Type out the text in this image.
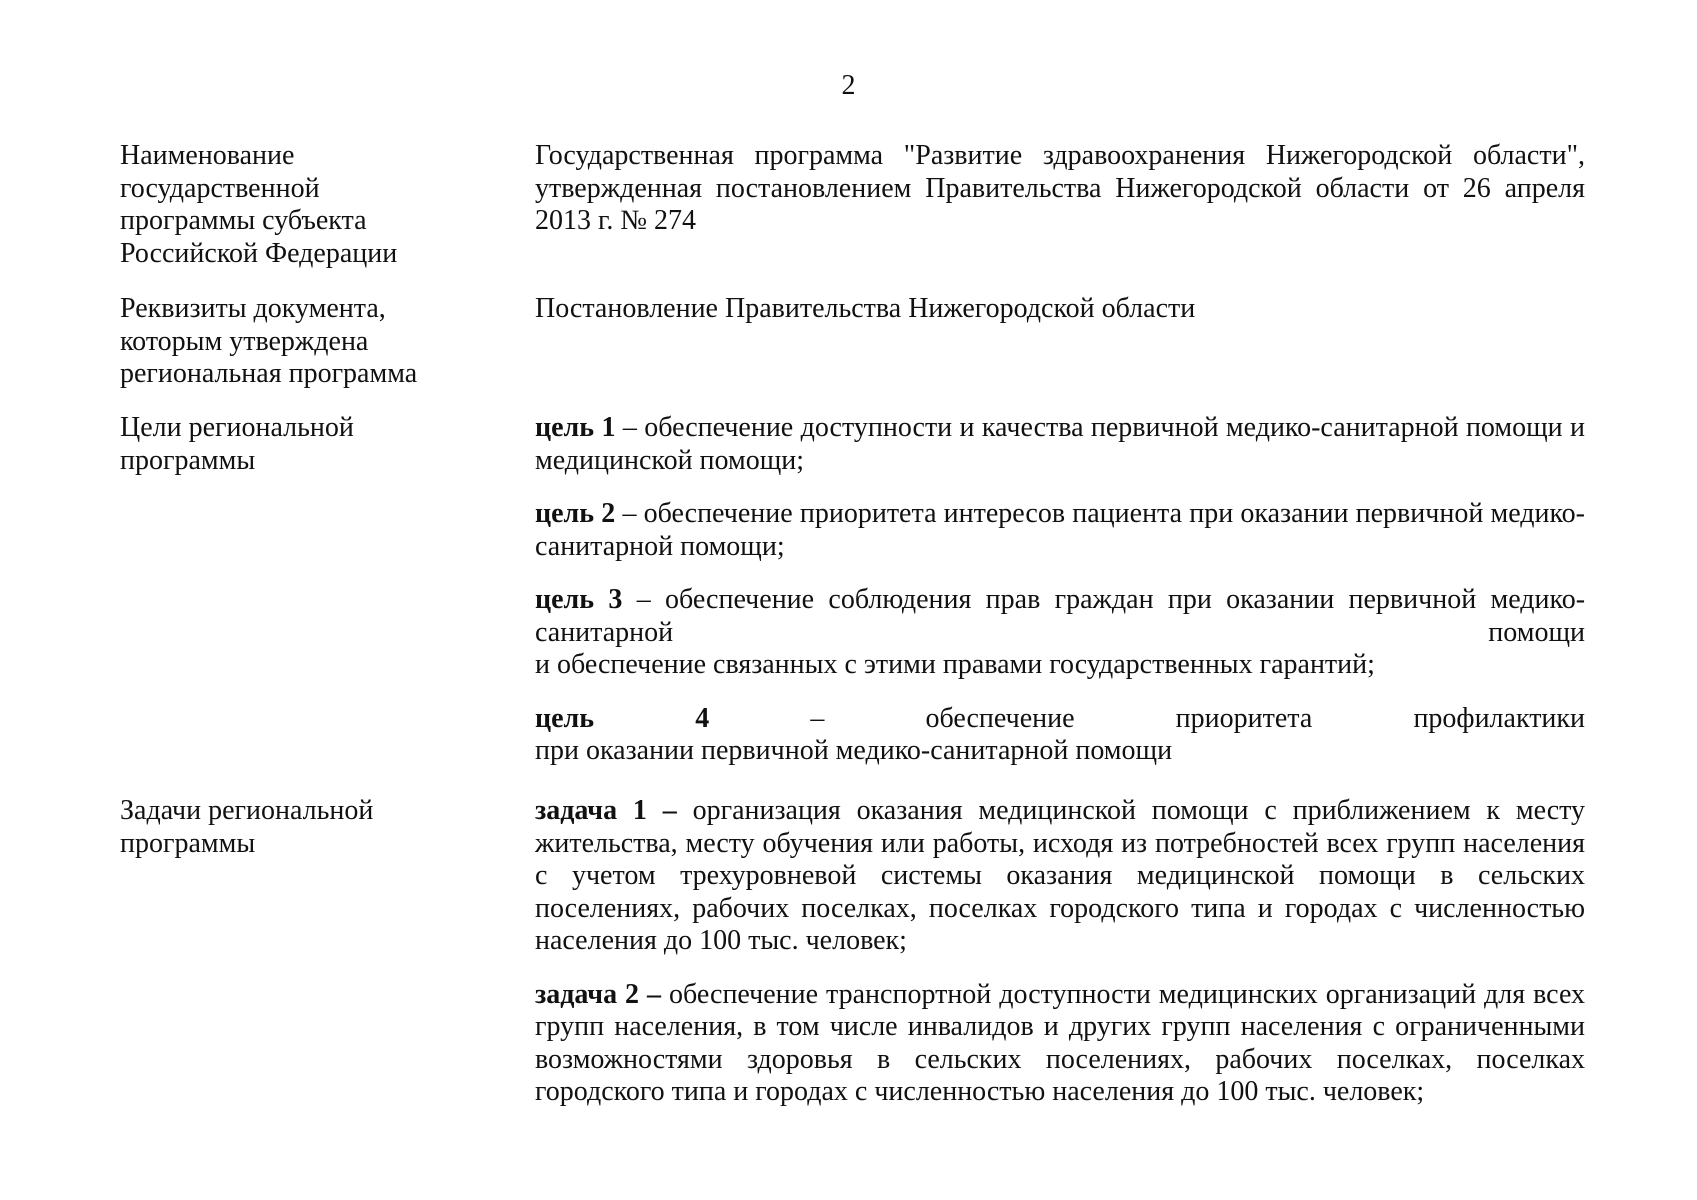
2
Наименование государственной программы субъекта Российской Федерации

Государственная программа "Развитие здравоохранения Нижегородской области", утвержденная постановлением Правительства Нижегородской области от 26 апреля 2013 г. № 274

Реквизиты документа, которым утверждена региональная программа

Постановление Правительства Нижегородской области

Цели региональной программы

цель 1 – обеспечение доступности и качества первичной медико-санитарной помощи и медицинской помощи;

цель 2 – обеспечение приоритета интересов пациента при оказании первичной медико-санитарной помощи;

цель 3 – обеспечение соблюдения прав граждан при оказании первичной медико-санитарной помощи

и обеспечение связанных с этими правами государственных гарантий;

цель 4 – обеспечение приоритета профилактики

при оказании первичной медико-санитарной помощи

Задачи региональной программы

задача 1 – организация оказания медицинской помощи с приближением к месту жительства, месту обучения или работы, исходя из потребностей всех групп населения с учетом трехуровневой системы оказания медицинской помощи в сельских поселениях, рабочих поселках, поселках городского типа и городах с численностью населения до 100 тыс. человек;

задача 2 – обеспечение транспортной доступности медицинских организаций для всех групп населения, в том числе инвалидов и других групп населения с ограниченными возможностями здоровья в сельских поселениях, рабочих поселках, поселках городского типа и городах с численностью населения до 100 тыс. человек;
